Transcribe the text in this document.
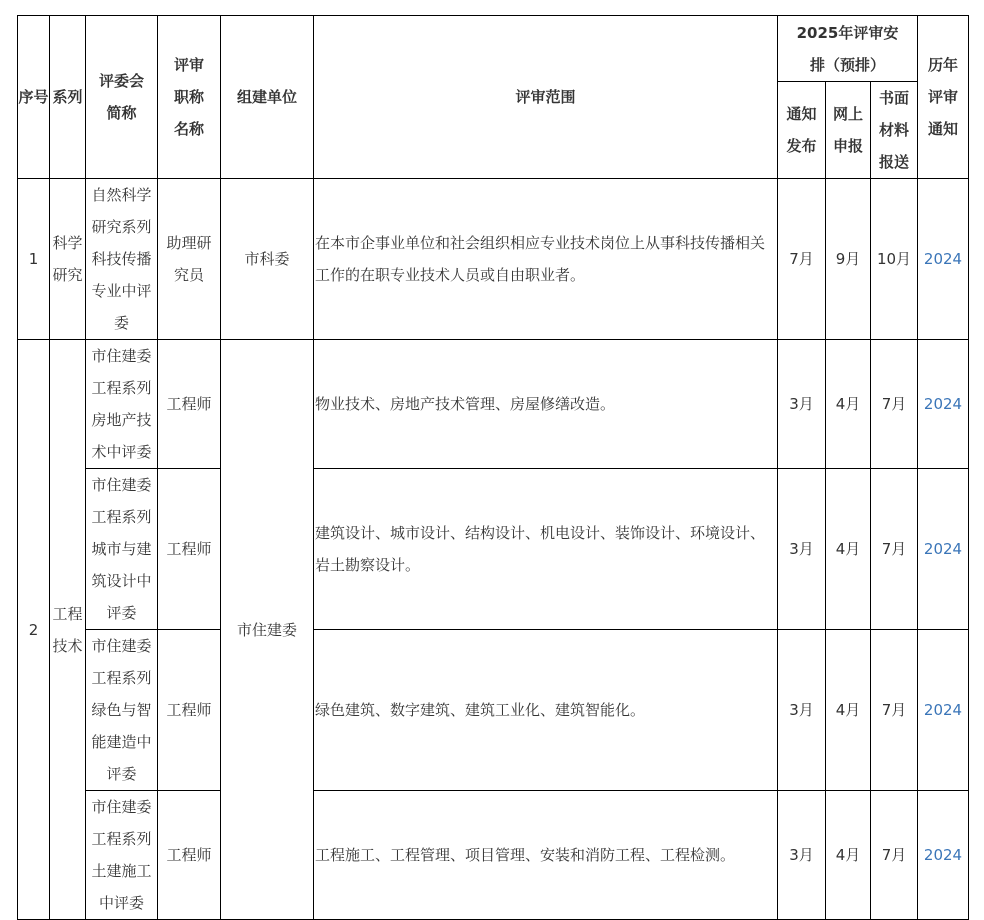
序号	系列	评委会简称	评审职称名称	组建单位	评审范围	2025年评审安排（预排）			历年评审通知
						通知发布	网上申报	书面材料报送	
1	科学研究	自然科学研究系列科技传播专业中评委	助理研究员	市科委	在本市企事业单位和社会组织相应专业技术岗位上从事科技传播相关工作的在职专业技术人员或自由职业者。	7月	9月	10月	2024
2	工程技术	市住建委工程系列房地产技术中评委	工程师	市住建委	物业技术、房地产技术管理、房屋修缮改造。	3月	4月	7月	2024
		市住建委工程系列城市与建筑设计中评委	工程师		建筑设计、城市设计、结构设计、机电设计、装饰设计、环境设计、岩土勘察设计。	3月	4月	7月	2024
		市住建委工程系列绿色与智能建造中评委	工程师		绿色建筑、数字建筑、建筑工业化、建筑智能化。	3月	4月	7月	2024
		市住建委工程系列土建施工中评委	工程师		工程施工、工程管理、项目管理、安装和消防工程、工程检测。	3月	4月	7月	2024
